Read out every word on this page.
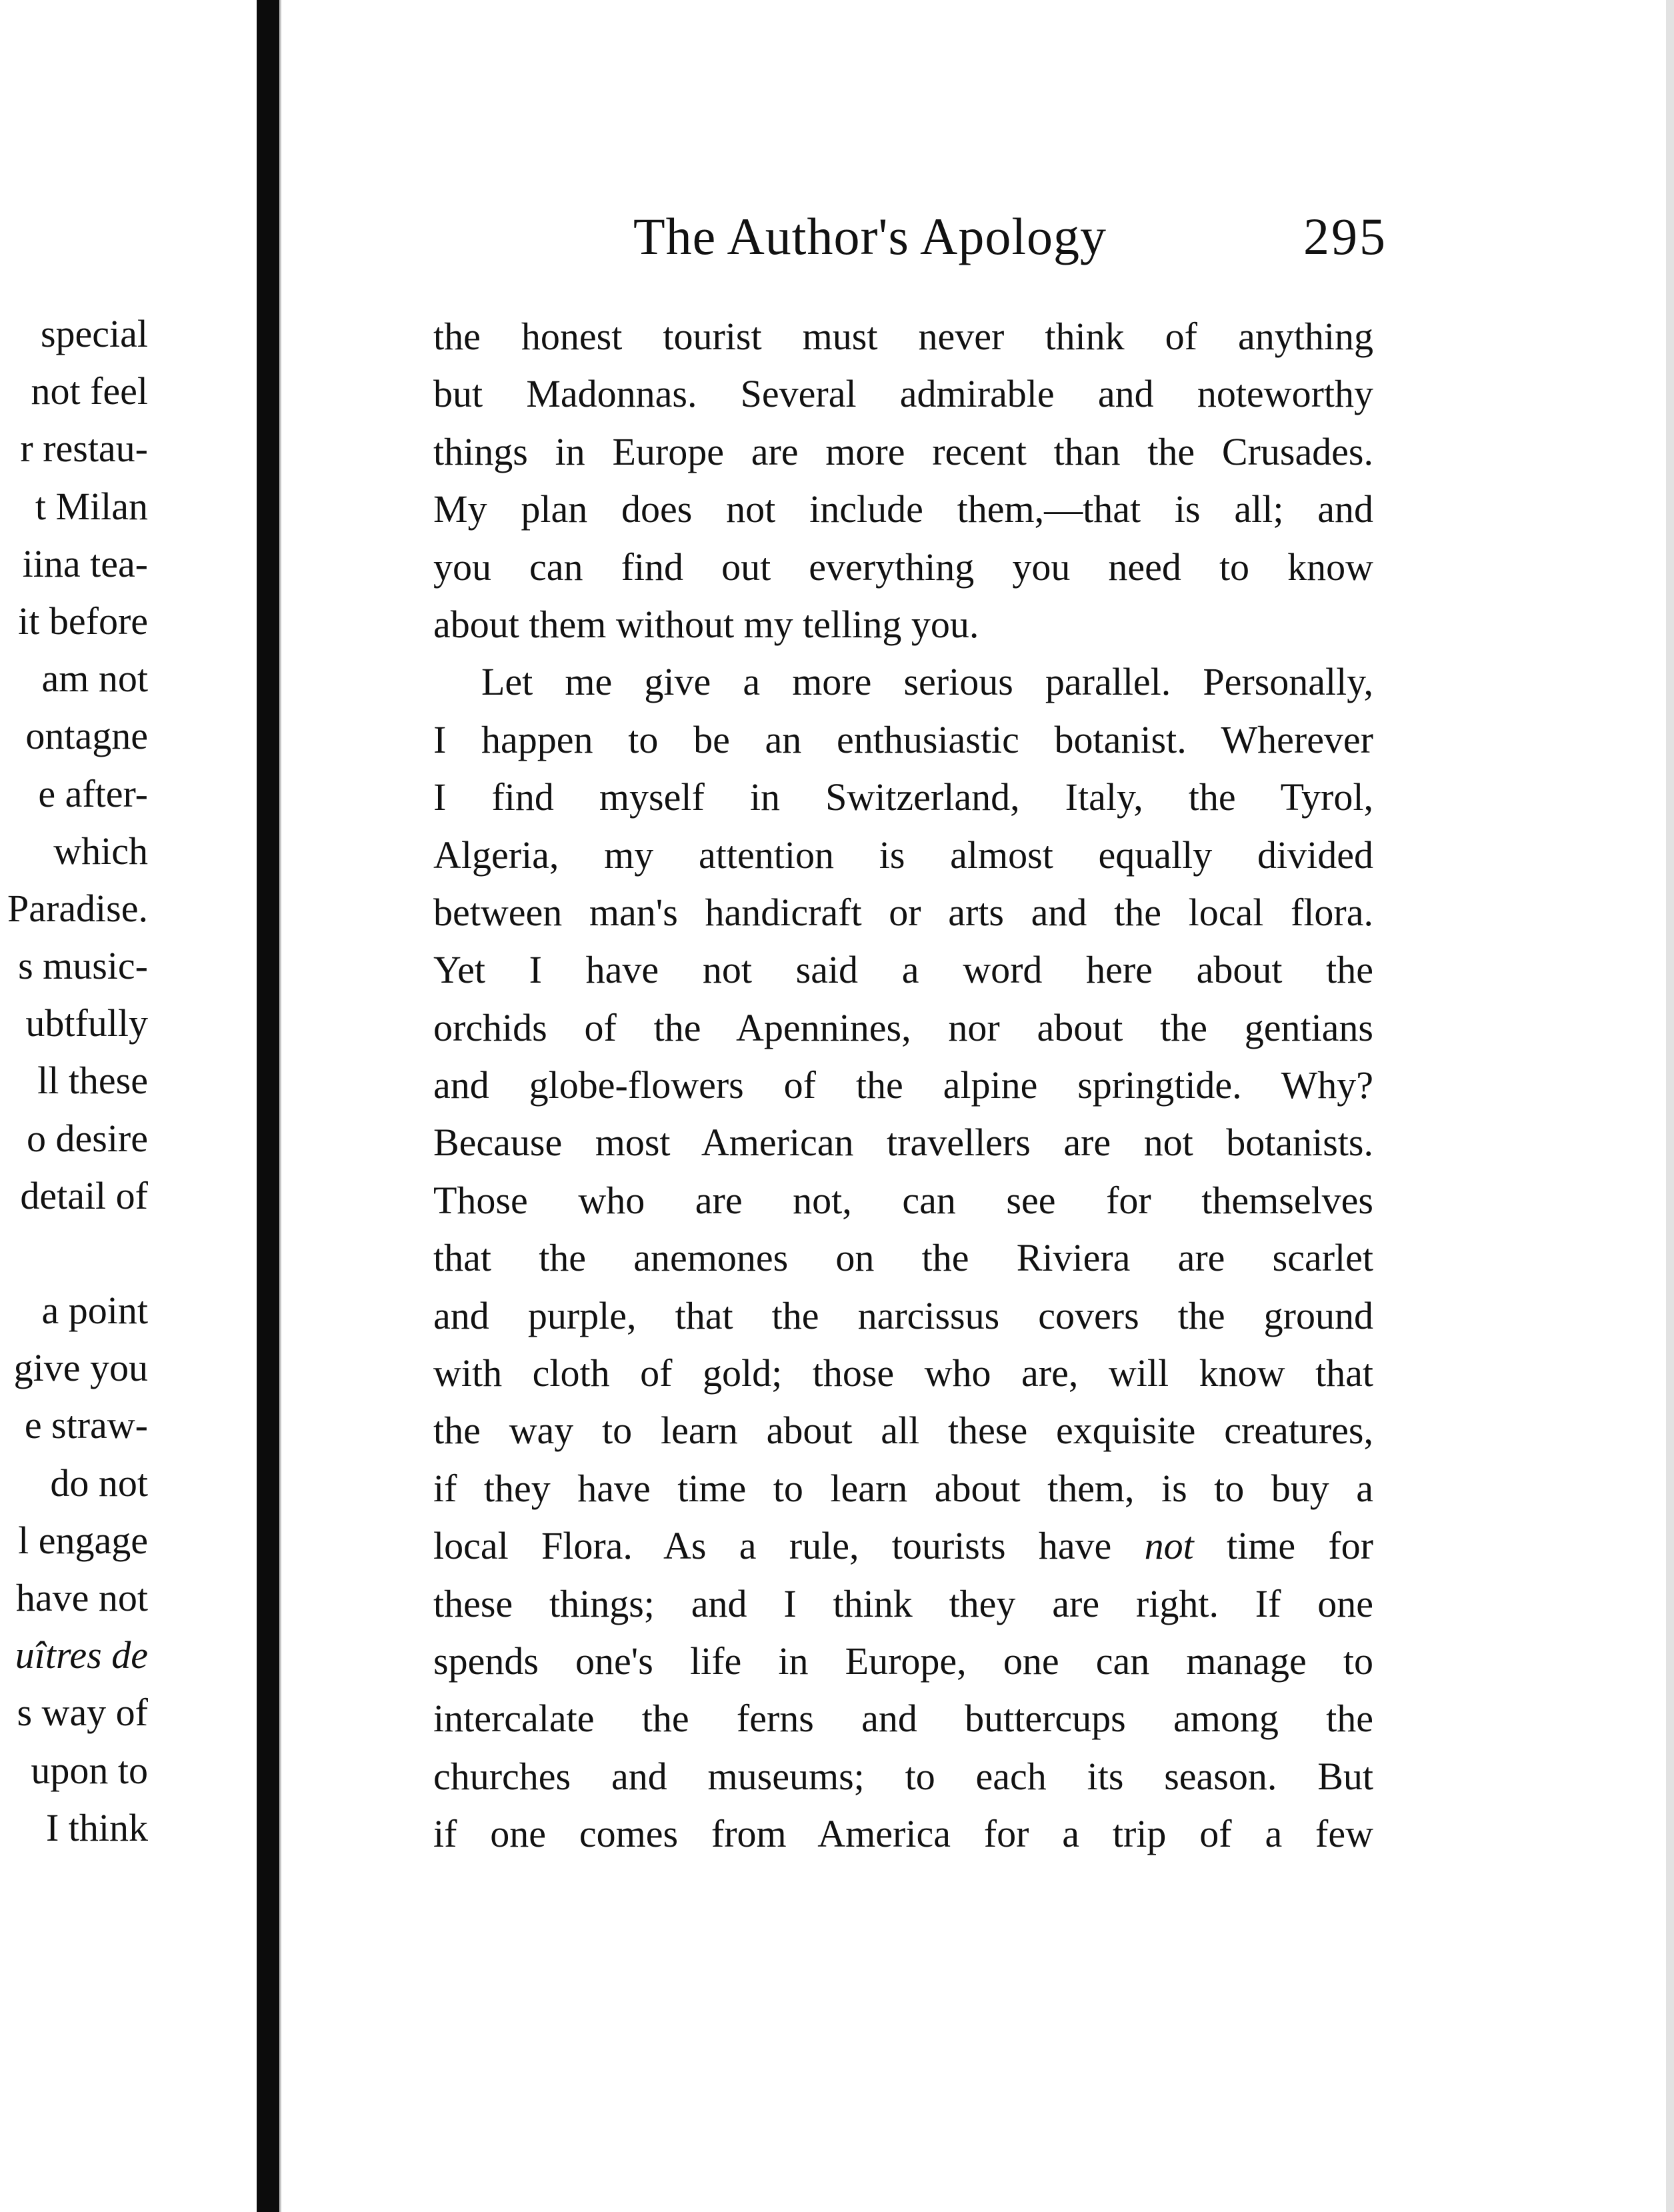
special
not feel
r restau-
t Milan
iina tea-
it before
am not
ontagne
e after-
which
Paradise.
s music-
ubtfully
ll these
o desire
detail of
a point
give you
e straw-
do not
l engage
have not
uîtres de
s way of
upon to
I think
The Author's Apology	295
the honest tourist must never think of anything
but Madonnas. Several admirable and noteworthy
things in Europe are more recent than the Crusades.
My plan does not include them,—that is all; and
you can find out everything you need to know
about them without my telling you.
Let me give a more serious parallel. Personally,
I happen to be an enthusiastic botanist. Wherever
I find myself in Switzerland, Italy, the Tyrol,
Algeria, my attention is almost equally divided
between man's handicraft or arts and the local flora.
Yet I have not said a word here about the
orchids of the Apennines, nor about the gentians
and globe-flowers of the alpine springtide. Why?
Because most American travellers are not botanists.
Those who are not, can see for themselves
that the anemones on the Riviera are scarlet
and purple, that the narcissus covers the ground
with cloth of gold; those who are, will know that
the way to learn about all these exquisite creatures,
if they have time to learn about them, is to buy a
local Flora. As a rule, tourists have not time for
these things; and I think they are right. If one
spends one's life in Europe, one can manage to
intercalate the ferns and buttercups among the
churches and museums; to each its season. But
if one comes from America for a trip of a few
